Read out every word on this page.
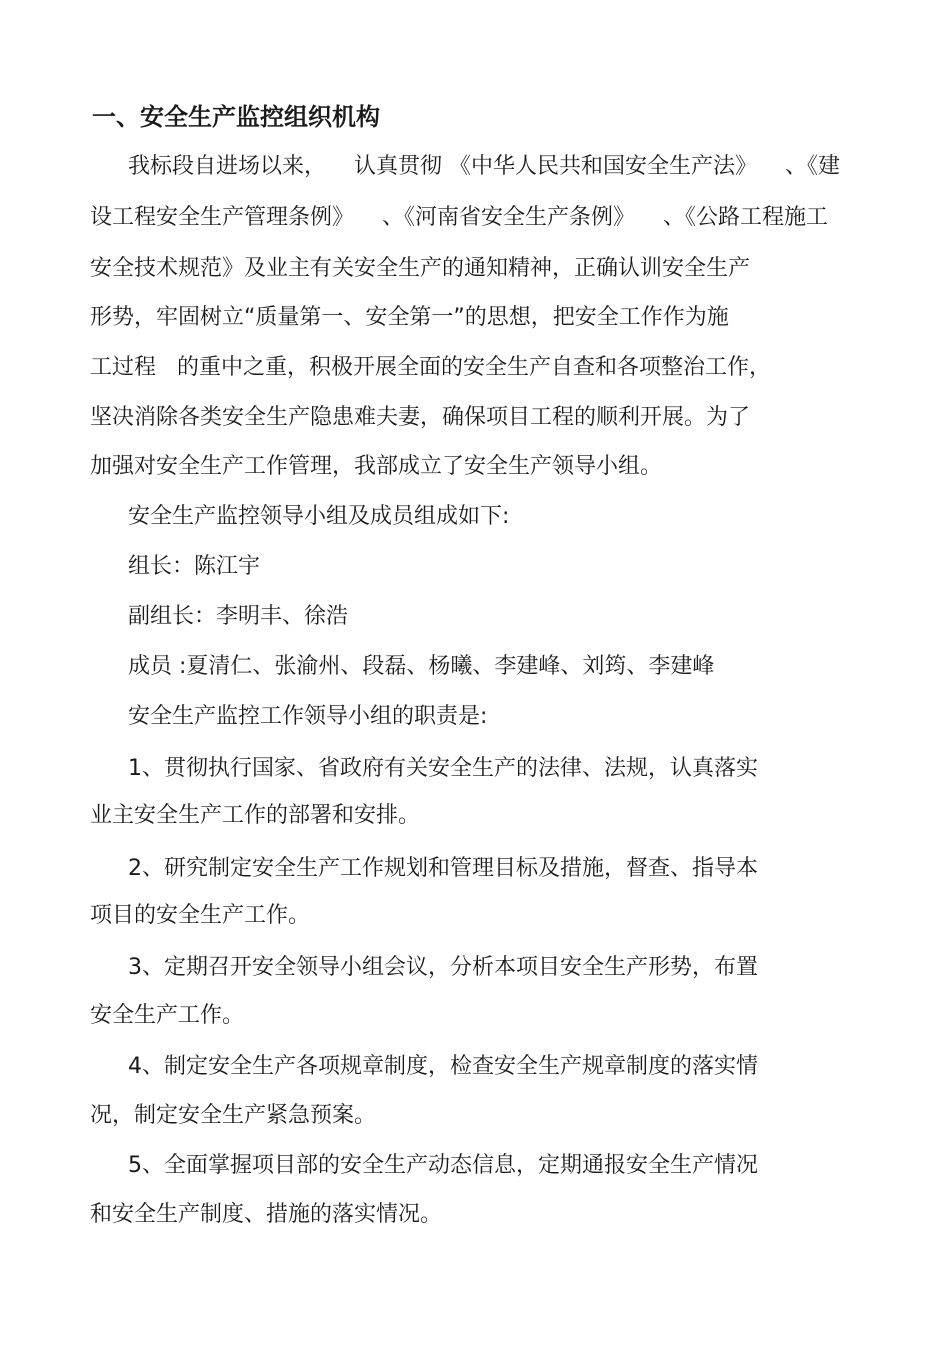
一、安全生产监控组织机构

我标段自进场以来，    认真贯彻 《中华人民共和国安全生产法》    、《建

设工程安全生产管理条例》    、《河南省安全生产条例》    、《公路工程施工

安全技术规范》及业主有关安全生产的通知精神，正确认训安全生产

形势，牢固树立“质量第一、安全第一”的思想，把安全工作作为施

工过程   的重中之重，积极开展全面的安全生产自查和各项整治工作，

坚决消除各类安全生产隐患难夫妻，确保项目工程的顺利开展。为了

加强对安全生产工作管理，我部成立了安全生产领导小组。

安全生产监控领导小组及成员组成如下:

组长：陈江宇

副组长：李明丰、徐浩

成员 :夏清仁、张渝州、段磊、杨曦、李建峰、刘筠、李建峰

安全生产监控工作领导小组的职责是:

1、贯彻执行国家、省政府有关安全生产的法律、法规，认真落实

业主安全生产工作的部署和安排。

2、研究制定安全生产工作规划和管理目标及措施，督查、指导本

项目的安全生产工作。

3、定期召开安全领导小组会议，分析本项目安全生产形势，布置

安全生产工作。

4、制定安全生产各项规章制度，检查安全生产规章制度的落实情

况，制定安全生产紧急预案。

5、全面掌握项目部的安全生产动态信息，定期通报安全生产情况

和安全生产制度、措施的落实情况。
